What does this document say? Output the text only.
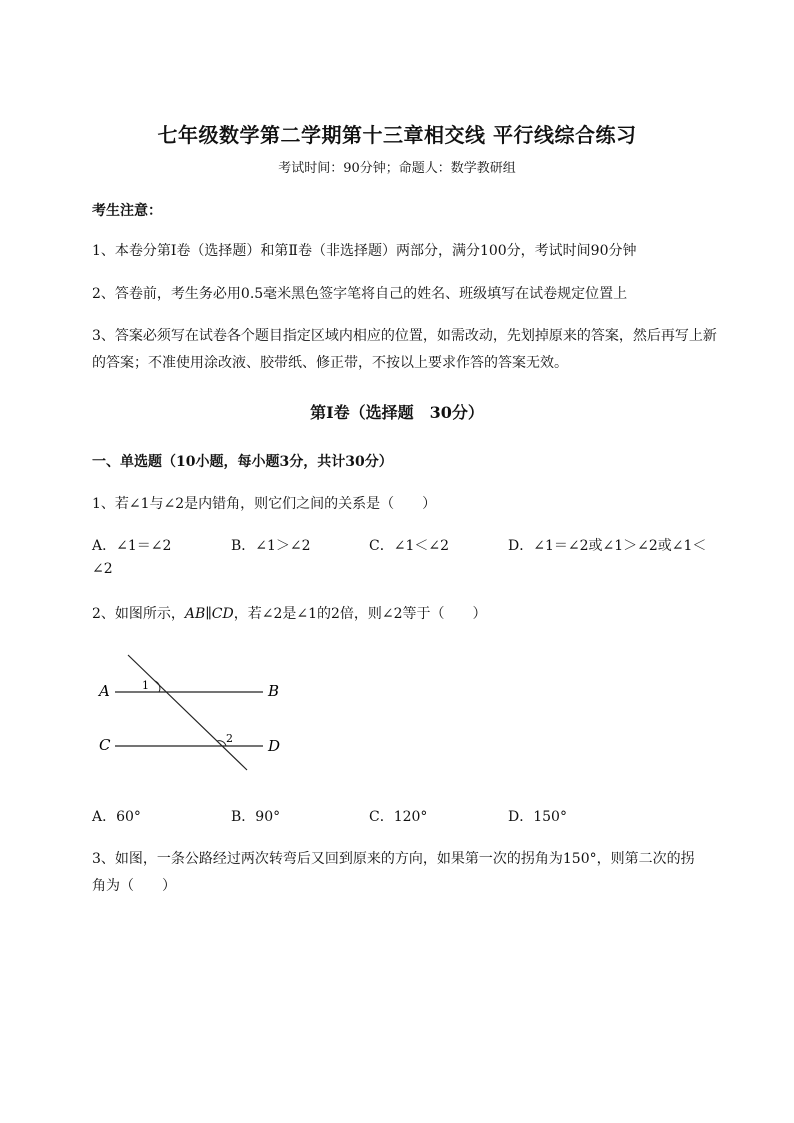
七年级数学第二学期第十三章相交线 平行线综合练习
考试时间：90分钟；命题人：数学教研组
考生注意：
1、本卷分第I卷（选择题）和第Ⅱ卷（非选择题）两部分，满分100分，考试时间90分钟
2、答卷前，考生务必用0.5毫米黑色签字笔将自己的姓名、班级填写在试卷规定位置上
3、答案必须写在试卷各个题目指定区域内相应的位置，如需改动，先划掉原来的答案，然后再写上新
的答案；不准使用涂改液、胶带纸、修正带，不按以上要求作答的答案无效。
第I卷（选择题　30分）
一、单选题（10小题，每小题3分，共计30分）
1、若∠1与∠2是内错角，则它们之间的关系是（　　）
A．∠1＝∠2	B．∠1＞∠2	C．∠1＜∠2	D．∠1＝∠2或∠1＞∠2或∠1＜
∠2
2、如图所示，AB∥CD，若∠2是∠1的2倍，则∠2等于（　　）
A	B
C	D
1
2
A．60°	B．90°	C．120°	D．150°
3、如图，一条公路经过两次转弯后又回到原来的方向，如果第一次的拐角为150°，则第二次的拐
角为（　　）
